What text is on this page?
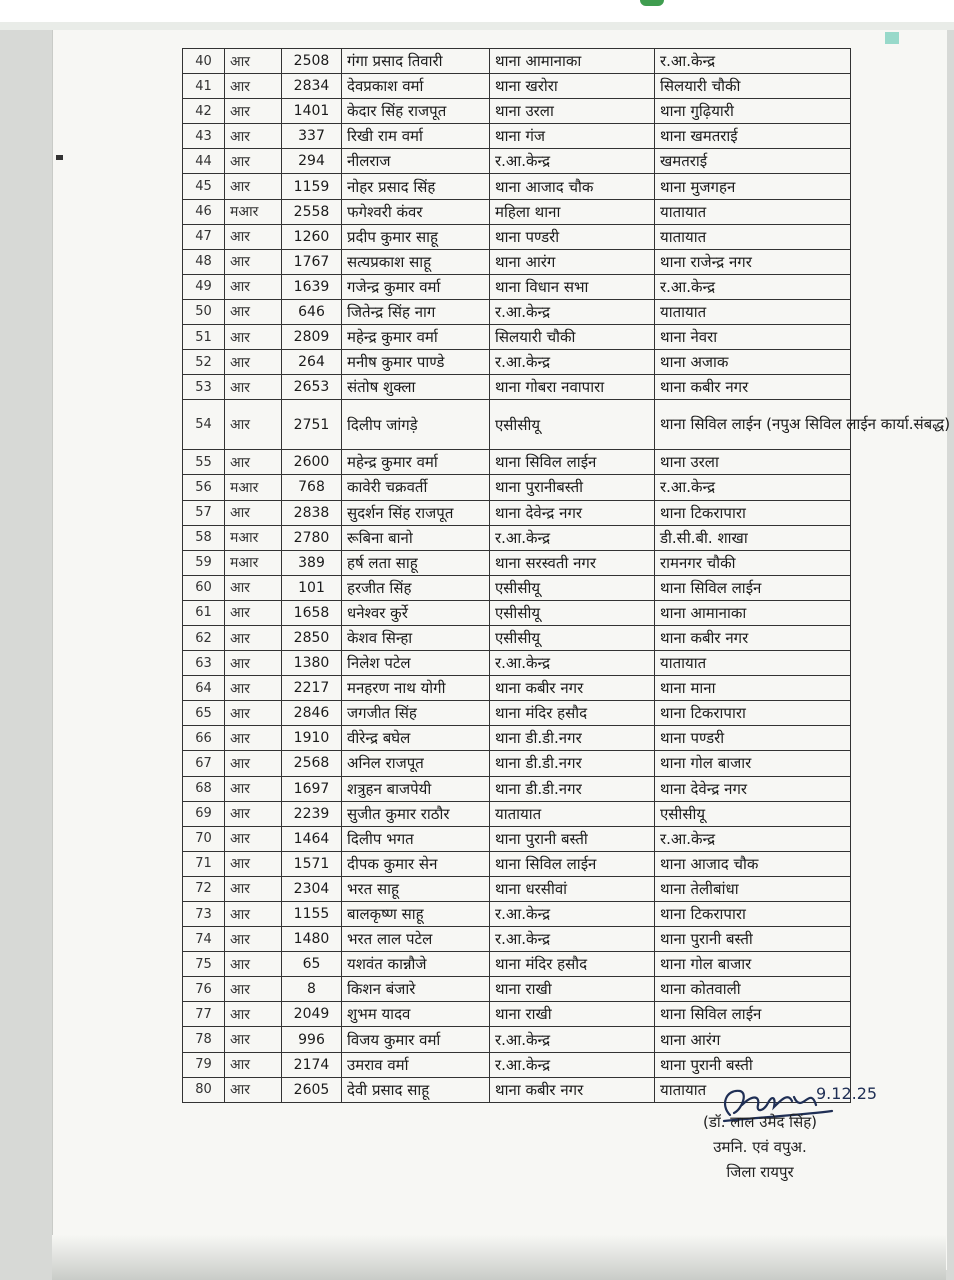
40	आर	2508	गंगा प्रसाद तिवारी	थाना आमानाका	र.आ.केन्द्र
41	आर	2834	देवप्रकाश वर्मा	थाना खरोरा	सिलयारी चौकी
42	आर	1401	केदार सिंह राजपूत	थाना उरला	थाना गुढ़ियारी
43	आर	337	रिखी राम वर्मा	थाना गंज	थाना खमतराई
44	आर	294	नीलराज	र.आ.केन्द्र	खमतराई
45	आर	1159	नोहर प्रसाद सिंह	थाना आजाद चौक	थाना मुजगहन
46	मआर	2558	फगेश्वरी कंवर	महिला थाना	यातायात
47	आर	1260	प्रदीप कुमार साहू	थाना पण्डरी	यातायात
48	आर	1767	सत्यप्रकाश साहू	थाना आरंग	थाना राजेन्द्र नगर
49	आर	1639	गजेन्द्र कुमार वर्मा	थाना विधान सभा	र.आ.केन्द्र
50	आर	646	जितेन्द्र सिंह नाग	र.आ.केन्द्र	यातायात
51	आर	2809	महेन्द्र कुमार वर्मा	सिलयारी चौकी	थाना नेवरा
52	आर	264	मनीष कुमार पाण्डे	र.आ.केन्द्र	थाना अजाक
53	आर	2653	संतोष शुक्ला	थाना गोबरा नवापारा	थाना कबीर नगर
54	आर	2751	दिलीप जांगड़े	एसीसीयू	थाना सिविल लाईन (नपुअ सिविल लाईन कार्या.संबद्ध)
55	आर	2600	महेन्द्र कुमार वर्मा	थाना सिविल लाईन	थाना उरला
56	मआर	768	कावेरी चक्रवर्ती	थाना पुरानीबस्ती	र.आ.केन्द्र
57	आर	2838	सुदर्शन सिंह राजपूत	थाना देवेन्द्र नगर	थाना टिकरापारा
58	मआर	2780	रूबिना बानो	र.आ.केन्द्र	डी.सी.बी. शाखा
59	मआर	389	हर्ष लता साहू	थाना सरस्वती नगर	रामनगर चौकी
60	आर	101	हरजीत सिंह	एसीसीयू	थाना सिविल लाईन
61	आर	1658	धनेश्वर कुर्रे	एसीसीयू	थाना आमानाका
62	आर	2850	केशव सिन्हा	एसीसीयू	थाना कबीर नगर
63	आर	1380	निलेश पटेल	र.आ.केन्द्र	यातायात
64	आर	2217	मनहरण नाथ योगी	थाना कबीर नगर	थाना माना
65	आर	2846	जगजीत सिंह	थाना मंदिर हसौद	थाना टिकरापारा
66	आर	1910	वीरेन्द्र बघेल	थाना डी.डी.नगर	थाना पण्डरी
67	आर	2568	अनिल राजपूत	थाना डी.डी.नगर	थाना गोल बाजार
68	आर	1697	शत्रुहन बाजपेयी	थाना डी.डी.नगर	थाना देवेन्द्र नगर
69	आर	2239	सुजीत कुमार राठौर	यातायात	एसीसीयू
70	आर	1464	दिलीप भगत	थाना पुरानी बस्ती	र.आ.केन्द्र
71	आर	1571	दीपक कुमार सेन	थाना सिविल लाईन	थाना आजाद चौक
72	आर	2304	भरत साहू	थाना धरसीवां	थाना तेलीबांधा
73	आर	1155	बालकृष्ण साहू	र.आ.केन्द्र	थाना टिकरापारा
74	आर	1480	भरत लाल पटेल	र.आ.केन्द्र	थाना पुरानी बस्ती
75	आर	65	यशवंत कान्नौजे	थाना मंदिर हसौद	थाना गोल बाजार
76	आर	8	किशन बंजारे	थाना राखी	थाना कोतवाली
77	आर	2049	शुभम यादव	थाना राखी	थाना सिविल लाईन
78	आर	996	विजय कुमार वर्मा	र.आ.केन्द्र	थाना आरंग
79	आर	2174	उमराव वर्मा	र.आ.केन्द्र	थाना पुरानी बस्ती
80	आर	2605	देवी प्रसाद साहू	थाना कबीर नगर	यातायात	9.12.25
(डॉ. लाल उमेद सिंह)
उमनि. एवं वपुअ.
जिला रायपुर
